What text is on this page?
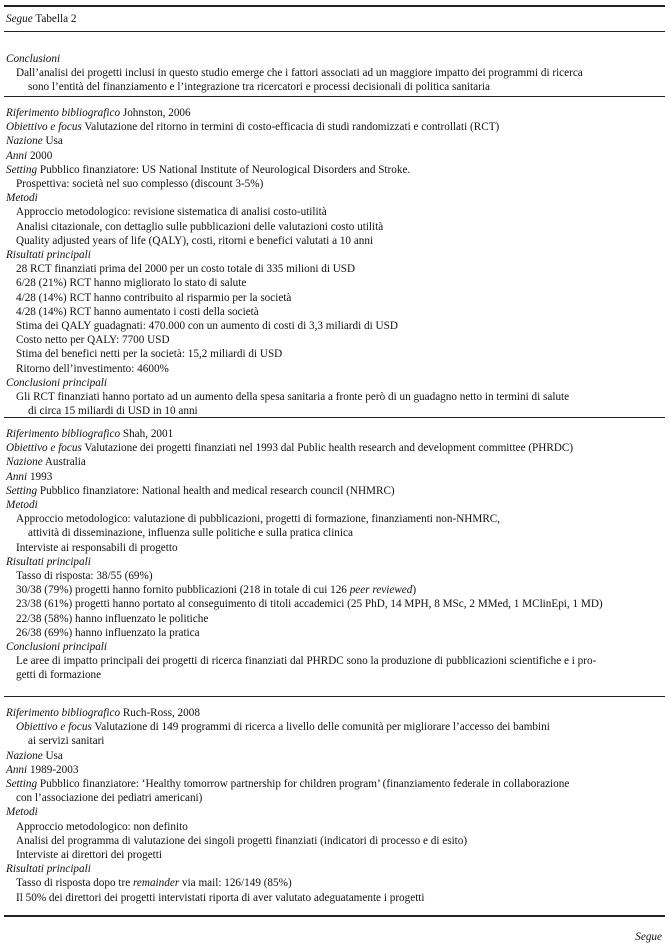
Segue Tabella 2
Conclusioni
Dall’analisi dei progetti inclusi in questo studio emerge che i fattori associati ad un maggiore impatto dei programmi di ricerca
sono l’entità del finanziamento e l’integrazione tra ricercatori e processi decisionali di politica sanitaria
Riferimento bibliografico Johnston, 2006
Obiettivo e focus Valutazione del ritorno in termini di costo-efficacia di studi randomizzati e controllati (RCT)
Nazione Usa
Anni 2000
Setting Pubblico finanziatore: US National Institute of Neurological Disorders and Stroke.
Prospettiva: società nel suo complesso (discount 3-5%)
Metodi
Approccio metodologico: revisione sistematica di analisi costo-utilità
Analisi citazionale, con dettaglio sulle pubblicazioni delle valutazioni costo utilità
Quality adjusted years of life (QALY), costi, ritorni e benefici valutati a 10 anni
Risultati principali
28 RCT finanziati prima del 2000 per un costo totale di 335 milioni di USD
6/28 (21%) RCT hanno migliorato lo stato di salute
4/28 (14%) RCT hanno contribuito al risparmio per la società
4/28 (14%) RCT hanno aumentato i costi della società
Stima dei QALY guadagnati: 470.000 con un aumento di costi di 3,3 miliardi di USD
Costo netto per QALY: 7700 USD
Stima del benefici netti per la società: 15,2 miliardi di USD
Ritorno dell’investimento: 4600%
Conclusioni principali
Gli RCT finanziati hanno portato ad un aumento della spesa sanitaria a fronte però di un guadagno netto in termini di salute
di circa 15 miliardi di USD in 10 anni
Riferimento bibliografico Shah, 2001
Obiettivo e focus Valutazione dei progetti finanziati nel 1993 dal Public health research and development committee (PHRDC)
Nazione Australia
Anni 1993
Setting Pubblico finanziatore: National health and medical research council (NHMRC)
Metodi
Approccio metodologico: valutazione di pubblicazioni, progetti di formazione, finanziamenti non-NHMRC,
attività di disseminazione, influenza sulle politiche e sulla pratica clinica
Interviste ai responsabili di progetto
Risultati principali
Tasso di risposta: 38/55 (69%)
30/38 (79%) progetti hanno fornito pubblicazioni (218 in totale di cui 126 peer reviewed)
23/38 (61%) progetti hanno portato al conseguimento di titoli accademici (25 PhD, 14 MPH, 8 MSc, 2 MMed, 1 MClinEpi, 1 MD)
22/38 (58%) hanno influenzato le politiche
26/38 (69%) hanno influenzato la pratica
Conclusioni principali
Le aree di impatto principali dei progetti di ricerca finanziati dal PHRDC sono la produzione di pubblicazioni scientifiche e i pro-
getti di formazione
Riferimento bibliografico Ruch-Ross, 2008
Obiettivo e focus Valutazione di 149 programmi di ricerca a livello delle comunità per migliorare l’accesso dei bambini
ai servizi sanitari
Nazione Usa
Anni 1989-2003
Setting Pubblico finanziatore: ‘Healthy tomorrow partnership for children program’ (finanziamento federale in collaborazione
con l’associazione dei pediatri americani)
Metodi
Approccio metodologico: non definito
Analisi del programma di valutazione dei singoli progetti finanziati (indicatori di processo e di esito)
Interviste ai direttori dei progetti
Risultati principali
Tasso di risposta dopo tre remainder via mail: 126/149 (85%)
Il 50% dei direttori dei progetti intervistati riporta di aver valutato adeguatamente i progetti
Segue
